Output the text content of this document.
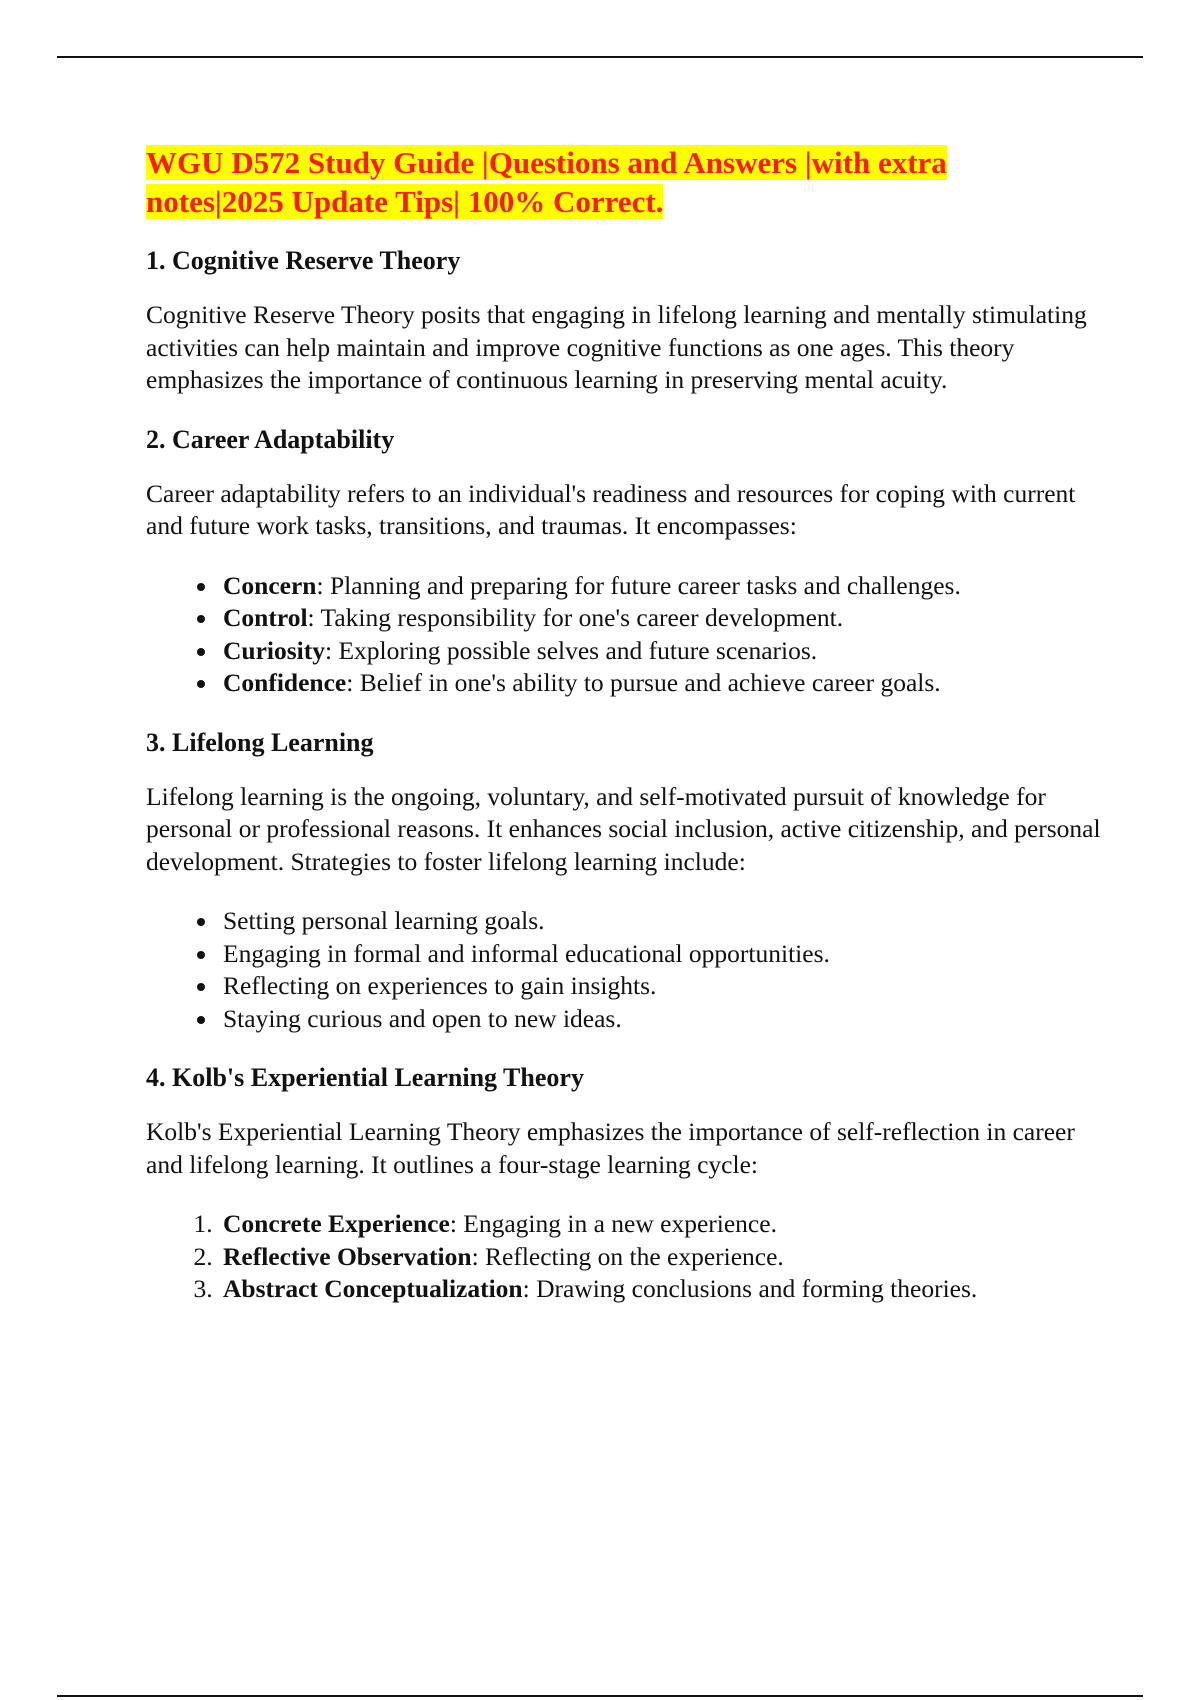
WGU D572 Study Guide |Questions and Answers |with extra
notes|2025 Update Tips| 100% Correct.
1. Cognitive Reserve Theory

Cognitive Reserve Theory posits that engaging in lifelong learning and mentally stimulating activities can help maintain and improve cognitive functions as one ages. This theory emphasizes the importance of continuous learning in preserving mental acuity.

2. Career Adaptability

Career adaptability refers to an individual's readiness and resources for coping with current and future work tasks, transitions, and traumas. It encompasses:

• Concern: Planning and preparing for future career tasks and challenges.
• Control: Taking responsibility for one's career development.
• Curiosity: Exploring possible selves and future scenarios.
• Confidence: Belief in one's ability to pursue and achieve career goals.
3. Lifelong Learning

Lifelong learning is the ongoing, voluntary, and self-motivated pursuit of knowledge for personal or professional reasons. It enhances social inclusion, active citizenship, and personal development. Strategies to foster lifelong learning include:

• Setting personal learning goals.
• Engaging in formal and informal educational opportunities.
• Reflecting on experiences to gain insights.
• Staying curious and open to new ideas.
4. Kolb's Experiential Learning Theory

Kolb's Experiential Learning Theory emphasizes the importance of self-reflection in career and lifelong learning. It outlines a four-stage learning cycle:

1. Concrete Experience: Engaging in a new experience.
2. Reflective Observation: Reflecting on the experience.
3. Abstract Conceptualization: Drawing conclusions and forming theories.
